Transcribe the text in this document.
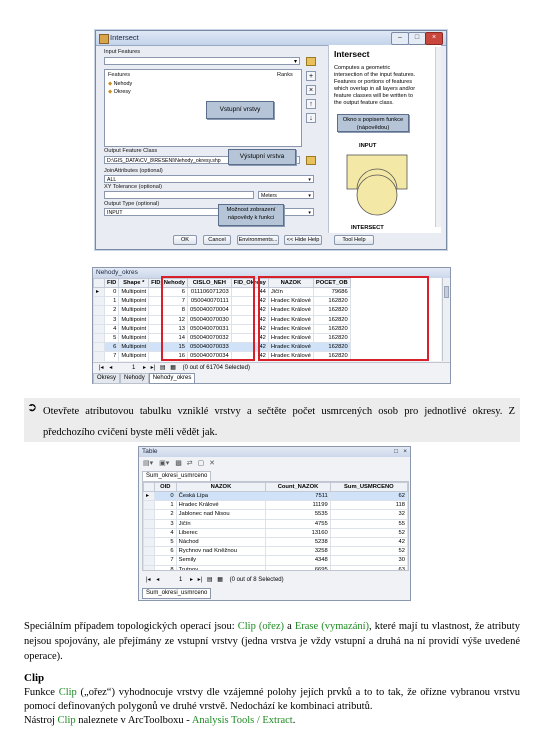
Intersect	–	□	×
Input Features
▾
Features	Ranks
◆ Nehody
◆ Okresy
+
×
↑
↓
Vstupní vrstvy
Output Feature Class
D:\GIS_DATA\CV_8\RESENI\Nehody_okresy.shp
Výstupní vrstva
JoinAttributes (optional)
ALL	▾
XY Tolerance (optional)
Meters	▾
Output Type (optional)
INPUT	▾
Možnost zobrazení nápovědy k funkci
OK	Cancel	Environments...	<< Hide Help	Tool Help
Intersect
Computes a geometric intersection of the input features. Features or portions of features which overlap in all layers and/or feature classes will be written to the output feature class.
Okno s popisem funkce (nápovědou)
INPUT
INTERSECT
Nehody_okres
	FID	Shape *	FID_Nehody	CISLO_NEH	FID_Okresy	NAZOK	POCET_OB
▸	0	Multipoint	6	011106071203	44	Jičín	79686
	1	Multipoint	7	050040070111	42	Hradec Králové	162820
	2	Multipoint	8	050040070004	42	Hradec Králové	162820
	3	Multipoint	12	050040070030	42	Hradec Králové	162820
	4	Multipoint	13	050040070031	42	Hradec Králové	162820
	5	Multipoint	14	050040070032	42	Hradec Králové	162820
	6	Multipoint	15	050040070033	42	Hradec Králové	162820
	7	Multipoint	16	050040070034	42	Hradec Králové	162820

|◂ ◂	1 ▸ ▸| ▤ ▦ (0 out of 61704 Selected)
Okresy Nehody Nehody_okres
➲ Otevřete atributovou tabulku vzniklé vrstvy a sečtěte počet usmrcených osob pro jednotlivé okresy. Z předchozího cvičení byste měli vědět jak.
Table	□ ×
▤▾ ▣▾ ▩ ⇄ ▢ ✕
Sum_okresi_usmrceno
	OID	NAZOK	Count_NAZOK	Sum_USMRCENO
▸	0	Česká Lípa	7511	62
	1	Hradec Králové	11199	118
	2	Jablonec nad Nisou	5535	32
	3	Jičín	4755	55
	4	Liberec	13160	52
	5	Náchod	5238	42
	6	Rychnov nad Kněžnou	3258	52
	7	Semily	4348	30
	8	Trutnov	6695	63
|◂ ◂	1 ▸ ▸| ▤ ▦ (0 out of 8 Selected)
Sum_okresi_usmrceno
Speciálním případem topologických operací jsou: Clip (ořez) a Erase (vymazání), které mají tu vlastnost, že atributy nejsou spojovány, ale přejímány ze vstupní vrstvy (jedna vrstva je vždy vstupní a druhá na ní providí výše uvedené operace).
Clip
Funkce Clip („ořez“) vyhodnocuje vrstvy dle vzájemné polohy jejích prvků a to to tak, že ořízne vybranou vrstvu pomocí definovaných polygonů ve druhé vrstvě. Nedochází ke kombinaci atributů.
Nástroj Clip naleznete v ArcToolboxu - Analysis Tools / Extract.
